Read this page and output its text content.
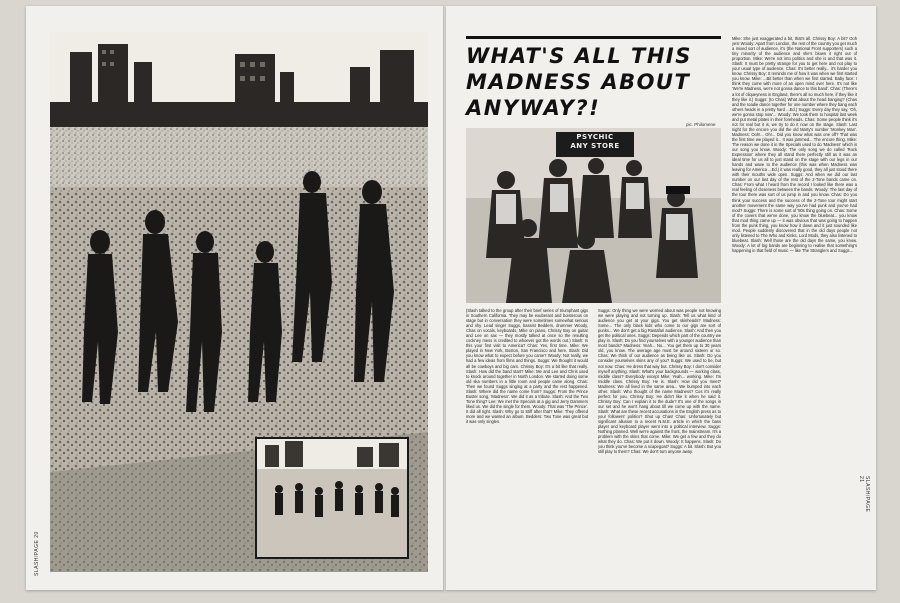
SLASH/PAGE 20
WHAT'S ALL THIS
MADNESS ABOUT
ANYWAY?!
pic. Philomene
PSYCHIC
ANY STORE

(Slash talked to the group after their brief series of triumphant gigs in Southern California. They may be exuberant and boisterous on stage but in conversation they were sometimes somewhat serious and shy. Lead singer Suggs, bassist Bedders, drummer Woody, Chas on vocals, keyboards, Mike on piano, Chrissy Boy on guitar and Lee on sax — they mostly talked at once so the resulting cockney mess is credited to whoever got the words out.) Slash: Is this your first visit to America? Chas: Yes, first time. Mike: We played in New York, Boston, San Francisco and here. Slash: Did you know what to expect before you came? Woody: Not really, we had a few ideas from films and things. Suggs: We thought it would all be cowboys and big cars. Chrissy Boy: It's a bit like that really. Slash: How did the band start? Mike: Me and Lee and Chris used to knock around together in North London. We started doing some old ska numbers in a little room and people came along. Chas: Then we found Suggs singing at a party and the rest happened. Slash: Where did the name come from? Suggs: From the Prince Buster song, 'Madness'. We did it as a tribute. Slash: And the Two Tone thing? Lee: We met the Specials at a gig and Jerry Dammers liked us. We did the single for them. Woody: That was 'The Prince'. It did all right. Slash: Why go to Stiff after that? Mike: They offered more and we wanted an album. Bedders: Two Tone was great but it was only singles.

Suggs: Only thing we were worried about was people not knowing we were playing and not turning up. Slash: Tell us what kind of audience you get at your gigs. You get skinheads? Madness: Some... The only black kids who come to our gigs are sort of punks... We don't get a big Rastafari audience. Slash: And then you get the political ones. Suggs: Depends which part of the country we play in. Slash: Do you find yourselves with a younger audience than most bands? Madness: Yeah... No... You get them up to 30 years old, you know. The average age must be around sixteen or so. Chas: We think of our audience as being like us. Slash: Do you consider yourselves skins any of you? Suggs: We used to be, but not now. Chas: He dress that way but. Chrissy Boy: I don't consider myself anything. Slash: What's your backgrounds — working class, middle class? Everybody except Mike: Yeah... working. Mike: I'm middle class. Chrissy Boy: He is. Slash: How did you meet? Madness: We all lived in the same area... We bumped into each other. Slash: Who thought of the name Madness? Cos it's really perfect for you. Chrissy Boy: He didn't like it when he said it. Chrissy Boy: Can I explain it to the dude? It's one of the songs in our set and he won't hang about till we come up with the name. Slash: What are these recent accusations in the English press as to your followers' politics? Shut up Chas! Chas: Unfortunately but significant allusion to a recent N.M.E. article in which the bass player and keyboard player went into a political interview. Suggs: Nothing planned. Well we're against the front, the mainstream. It's a problem with the skins that come. Mike: We get a few and they do what they do. Chas: We put it down. Woody: It happens. Slash: Do you think you've become a scapegoat? Suggs: A bit. Slash: But you still play to them? Chas: We don't turn anyone away.

Mike: She just exaggerated a bit, that's all. Chrissy Boy: A bit? Ooh yes! Woody: Apart from London, the rest of the country you get much a mixed sort of audience, it's (the National Front supporters) such a tiny minority of the audience and she's blown it right out of proportion. Mike: We're not into politics and she is and that was it. Slash: It must be pretty strange for you to get here and not play to your usual type of audience. Chas: It's better really... it's harder you know. Chrissy Boy: It reminds me of how it was when we first started you know. Mike: ...Bit better than when we first started. Baby face: I think they come with more of an open mind over here. It's not like 'We're Madness, we're not gonna dance to this band'. Chas: (There's a lot of cliqueyness in England, there's all so much here, if they like it they like it.) Suggs: (to Chas) What about the head banging? (Chas and the roadie dance together for one number where they bang each others heads in a pretty hard ...Ed.) Suggs: Every day they say, 'Oh, we're gonna stop now'... Woody: We took them to hospital last week and put metal plates in their foreheads. Chas: Some people think it's not for real but it is, we try to do it now on the stage. Slash: Last night for the encore you did the old Marty's number 'Monkey Man'. Madness: Ooh!... Oh!... Did you know what was one off? That was the first time we played it... It was jammed... The encore thing. Mike: The reason we done it in the Specials used to do 'Madness' which is our song you know. Woody: The only song we do called 'Rock Expression' where they all stand there perfectly still as it was an ideal time for us all to just stand on the stage with our legs in our hands and wave to the audience (this was when Madness was leaving for America ...Ed.) it was really good, they all just stood there with their mouths wide open. Suggs: And when we did our last number on our last day of the rest of the 2-Tone bands came on. Chas: From what I heard from the record I looked like there was a real feeling of closeness between the bands. Woody: The last day of the tour there was sort of us jump in and you know. Chas: Do you think your success and the success of the 2-Tone tour might start another movement the same way you've had punk and you've had mod? Suggs: There is some sort of '80s thing going on. Chas: Some of the covers that we've done, you know the bluebeat... you know that mod thing came up — it was obvious that was going to happen from the punk thing, you know how it down and it just sounded like mod. People suddenly discovered that in the old days people not only listened to The Who and Kinks, Lord Mods, they also listened to bluebeat. Slash: Well those are the old days the same, you know. Woody: A lot of big bands are beginning to realise that something's happening in that field of music — like The Stranglers and Suggs...

SLASH/PAGE 21
